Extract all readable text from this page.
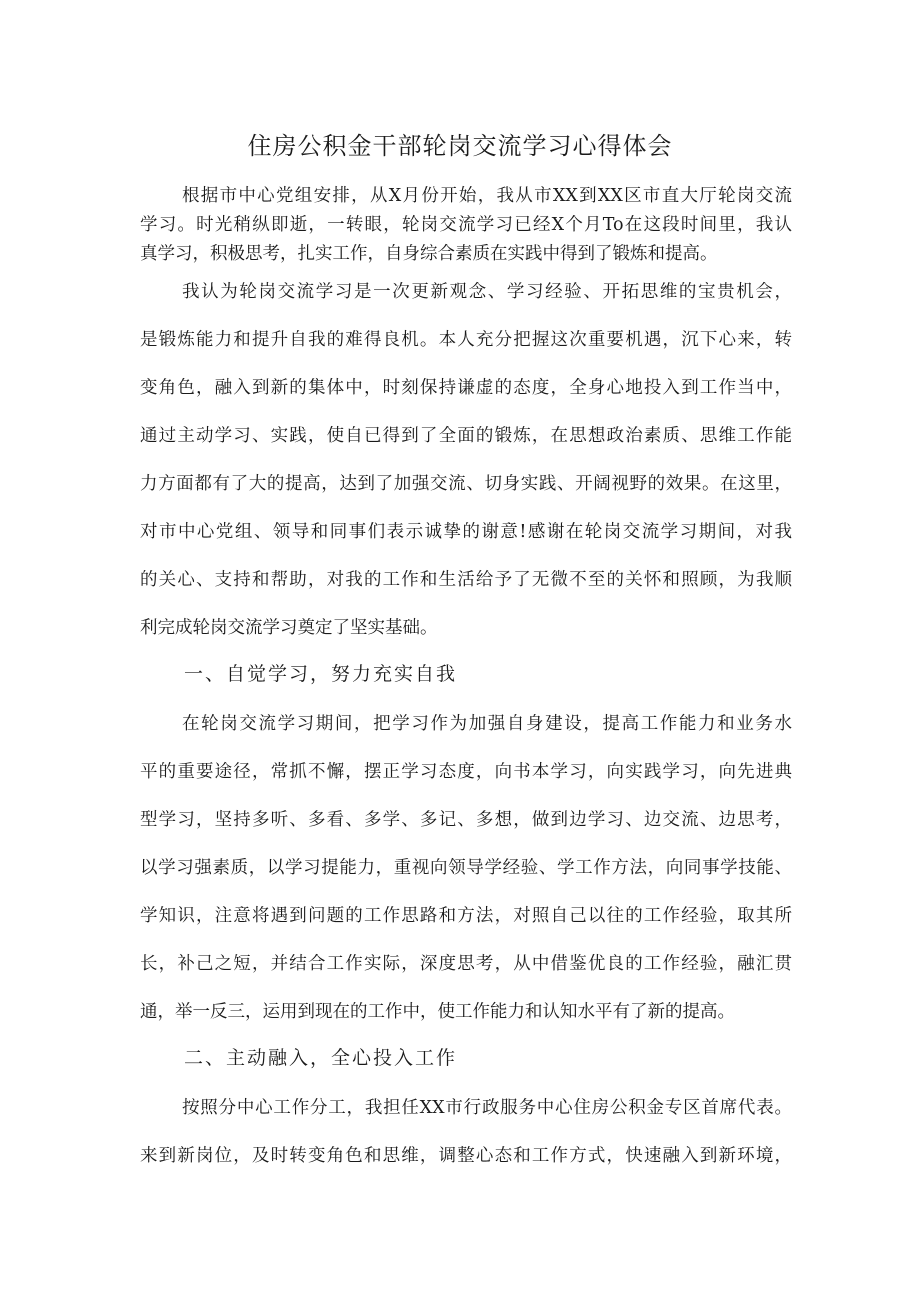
住房公积金干部轮岗交流学习心得体会

根据市中心党组安排，从X月份开始，我从市XX到XX区市直大厅轮岗交流

学习。时光稍纵即逝，一转眼，轮岗交流学习已经X个月To在这段时间里，我认

真学习，积极思考，扎实工作，自身综合素质在实践中得到了锻炼和提高。

我认为轮岗交流学习是一次更新观念、学习经验、开拓思维的宝贵机会，

是锻炼能力和提升自我的难得良机。本人充分把握这次重要机遇，沉下心来，转

变角色，融入到新的集体中，时刻保持谦虚的态度，全身心地投入到工作当中，

通过主动学习、实践，使自已得到了全面的锻炼，在思想政治素质、思维工作能

力方面都有了大的提高，达到了加强交流、切身实践、开阔视野的效果。在这里，

对市中心党组、领导和同事们表示诚挚的谢意!感谢在轮岗交流学习期间，对我

的关心、支持和帮助，对我的工作和生活给予了无微不至的关怀和照顾，为我顺

利完成轮岗交流学习奠定了坚实基础。

一、自觉学习，努力充实自我

在轮岗交流学习期间，把学习作为加强自身建设，提高工作能力和业务水

平的重要途径，常抓不懈，摆正学习态度，向书本学习，向实践学习，向先进典

型学习，坚持多听、多看、多学、多记、多想，做到边学习、边交流、边思考，

以学习强素质，以学习提能力，重视向领导学经验、学工作方法，向同事学技能、

学知识，注意将遇到问题的工作思路和方法，对照自己以往的工作经验，取其所

长，补己之短，并结合工作实际，深度思考，从中借鉴优良的工作经验，融汇贯

通，举一反三，运用到现在的工作中，使工作能力和认知水平有了新的提高。

二、主动融入，全心投入工作

按照分中心工作分工，我担任XX市行政服务中心住房公积金专区首席代表。

来到新岗位，及时转变角色和思维，调整心态和工作方式，快速融入到新环境，
